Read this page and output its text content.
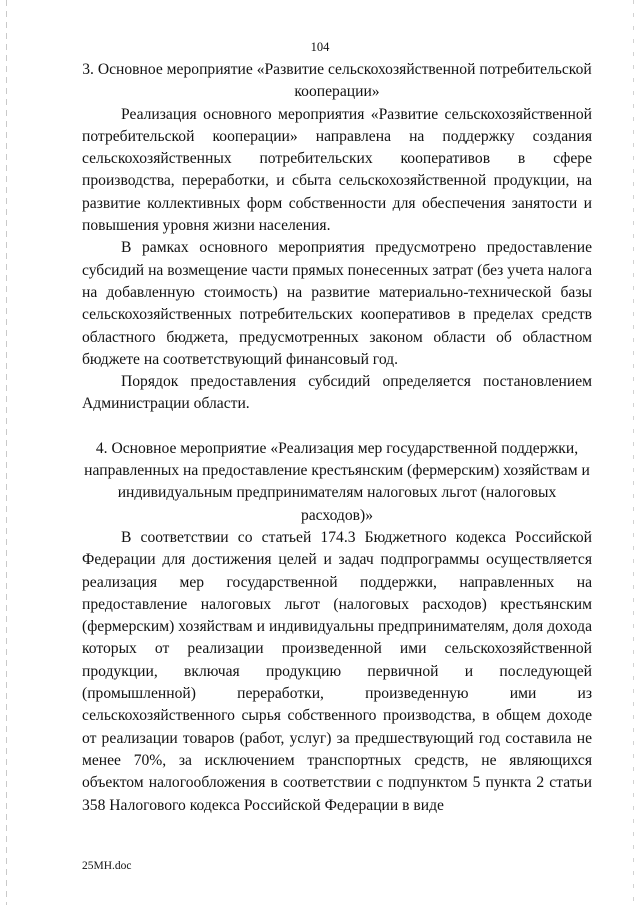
104

3. Основное мероприятие «Развитие сельскохозяйственной потребительской кооперации»

Реализация основного мероприятия «Развитие сельскохозяйственной потребительской кооперации» направлена на поддержку создания сельскохозяйственных потребительских кооперативов в сфере производства, переработки, и сбыта сельскохозяйственной продукции, на развитие коллективных форм собственности для обеспечения занятости и повышения уровня жизни населения.

В рамках основного мероприятия предусмотрено предоставление субсидий на возмещение части прямых понесенных затрат (без учета налога на добавленную стоимость) на развитие материально-технической базы сельскохозяйственных потребительских кооперативов в пределах средств областного бюджета, предусмотренных законом области об областном бюджете на соответствующий финансовый год.

Порядок предоставления субсидий определяется постановлением Администрации области.

4. Основное мероприятие «Реализация мер государственной поддержки, направленных на предоставление крестьянским (фермерским) хозяйствам и индивидуальным предпринимателям налоговых льгот (налоговых расходов)»

В соответствии со статьей 174.3 Бюджетного кодекса Российской Федерации для достижения целей и задач подпрограммы осуществляется реализация мер государственной поддержки, направленных на предоставление налоговых льгот (налоговых расходов) крестьянским (фермерским) хозяйствам и индивидуальны предпринимателям, доля дохода которых от реализации произведенной ими сельскохозяйственной продукции, включая продукцию первичной и последующей (промышленной) переработки, произведенную ими из сельскохозяйственного сырья собственного производства, в общем доходе от реализации товаров (работ, услуг) за предшествующий год составила не менее 70%, за исключением транспортных средств, не являющихся объектом налогообложения в соответствии с подпунктом 5 пункта 2 статьи 358 Налогового кодекса Российской Федерации в виде

25MH.doc
